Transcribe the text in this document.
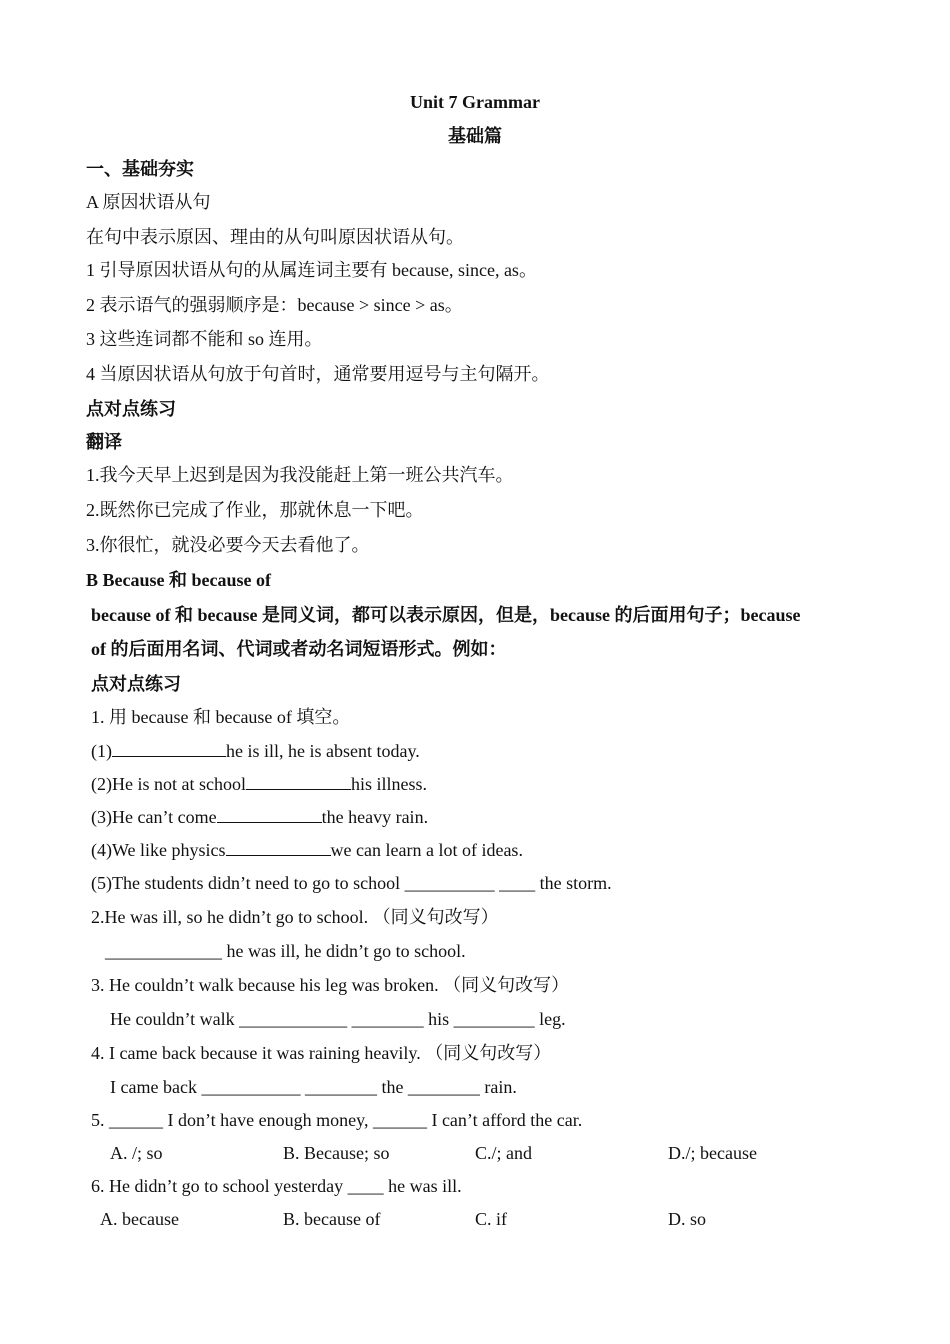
Unit 7 Grammar
基础篇
一、基础夯实
A 原因状语从句
在句中表示原因、理由的从句叫原因状语从句。
1 引导原因状语从句的从属连词主要有 because, since, as。
2 表示语气的强弱顺序是：because > since > as。
3 这些连词都不能和 so 连用。
4 当原因状语从句放于句首时，通常要用逗号与主句隔开。
点对点练习
翻译
1.我今天早上迟到是因为我没能赶上第一班公共汽车。
2.既然你已完成了作业，那就休息一下吧。
3.你很忙，就没必要今天去看他了。
B Because 和 because of
because of 和 because 是同义词，都可以表示原因，但是，because 的后面用句子；because
of 的后面用名词、代词或者动名词短语形式。例如：
点对点练习
1. 用 because 和 because of 填空。
(1)	he is ill, he is absent today.
(2)He is not at school	his illness.
(3)He can’t come	the heavy rain.
(4)We like physics	we can learn a lot of ideas.
(5)The students didn’t need to go to school __________ ____ the storm.
2.He was ill, so he didn’t go to school. （同义句改写）
_____________ he was ill, he didn’t go to school.
3. He couldn’t walk because his leg was broken. （同义句改写）
He couldn’t walk ____________ ________ his _________ leg.
4. I came back because it was raining heavily. （同义句改写）
I came back ___________ ________ the ________ rain.
5. ______ I don’t have enough money, ______ I can’t afford the car.
A. /; so	B. Because; so	C./; and	D./; because
6. He didn’t go to school yesterday ____ he was ill.
A. because	B. because of	C. if	D. so
